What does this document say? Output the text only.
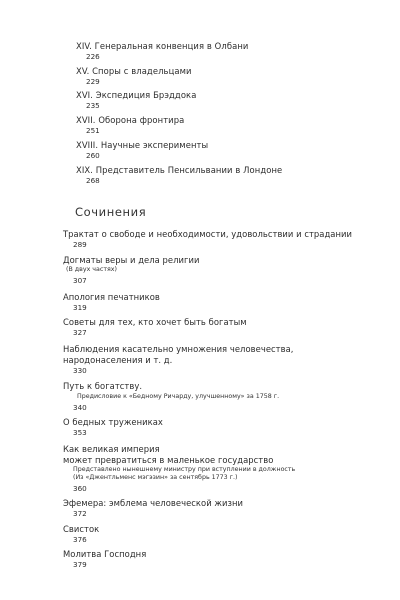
XIV. Генеральная конвенция в Олбани
226
XV. Споры с владельцами
229
XVI. Экспедиция Брэддока
235
XVII. Оборона фронтира
251
XVIII. Научные эксперименты
260
XIX. Представитель Пенсильвании в Лондоне
268
Сочинения
Трактат о свободе и необходимости, удовольствии и страдании
289
Догматы веры и дела религии
(В двух частях)
307
Апология печатников
319
Советы для тех, кто хочет быть богатым
327
Наблюдения касательно умножения человечества,
народонаселения и т. д.
330
Путь к богатству.
Предисловие к «Бедному Ричарду, улучшенному» за 1758 г.
340
О бедных тружениках
353
Как великая империя
может превратиться в маленькое государство
Представлено нынешнему министру при вступлении в должность
(Из «Джентльменс мэгэзин» за сентябрь 1773 г.)
360
Эфемера: эмблема человеческой жизни
372
Свисток
376
Молитва Господня
379
